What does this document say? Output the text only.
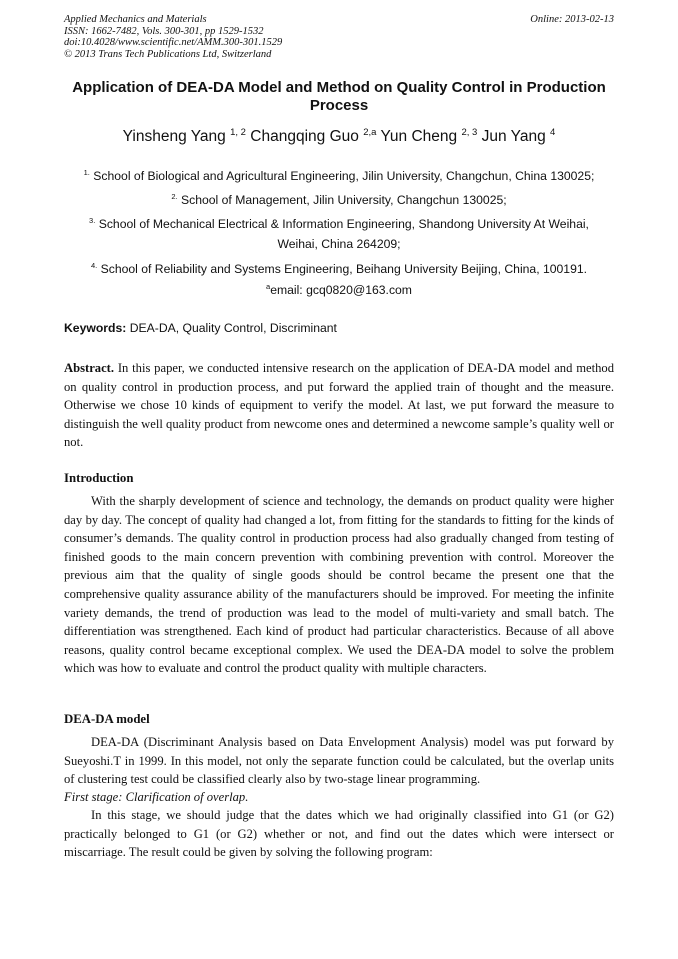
Applied Mechanics and Materials
ISSN: 1662-7482, Vols. 300-301, pp 1529-1532
doi:10.4028/www.scientific.net/AMM.300-301.1529
© 2013 Trans Tech Publications Ltd, Switzerland
Online: 2013-02-13
Application of DEA-DA Model and Method on Quality Control in Production Process
Yinsheng Yang $^{1, 2}$ Changqing Guo $^{2,a}$ Yun Cheng $^{2, 3}$ Jun Yang $^4$
$^{1.}$ School of Biological and Agricultural Engineering, Jilin University, Changchun, China 130025;
$^{2.}$ School of Management, Jilin University, Changchun 130025;
$^{3.}$ School of Mechanical Electrical & Information Engineering, Shandong University At Weihai, Weihai, China 264209;
$^{4.}$ School of Reliability and Systems Engineering, Beihang University Beijing, China, 100191.
$^a$email: gcq0820@163.com
Keywords: DEA-DA, Quality Control, Discriminant
Abstract. In this paper, we conducted intensive research on the application of DEA-DA model and method on quality control in production process, and put forward the applied train of thought and the measure. Otherwise we chose 10 kinds of equipment to verify the model. At last, we put forward the measure to distinguish the well quality product from newcome ones and determined a newcome sample’s quality well or not.
Introduction
With the sharply development of science and technology, the demands on product quality were higher day by day. The concept of quality had changed a lot, from fitting for the standards to fitting for the kinds of consumer’s demands. The quality control in production process had also gradually changed from testing of finished goods to the main concern prevention with combining prevention with control. Moreover the previous aim that the quality of single goods should be control became the present one that the comprehensive quality assurance ability of the manufacturers should be improved. For meeting the infinite variety demands, the trend of production was lead to the model of multi-variety and small batch. The differentiation was strengthened. Each kind of product had particular characteristics. Because of all above reasons, quality control became exceptional complex. We used the DEA-DA model to solve the problem which was how to evaluate and control the product quality with multiple characters.
DEA-DA model
DEA-DA (Discriminant Analysis based on Data Envelopment Analysis) model was put forward by Sueyoshi.T in 1999. In this model, not only the separate function could be calculated, but the overlap units of clustering test could be classified clearly also by two-stage linear programming.
First stage: Clarification of overlap.
In this stage, we should judge that the dates which we had originally classified into G1 (or G2) practically belonged to G1 (or G2) whether or not, and find out the dates which were intersect or miscarriage. The result could be given by solving the following program:
